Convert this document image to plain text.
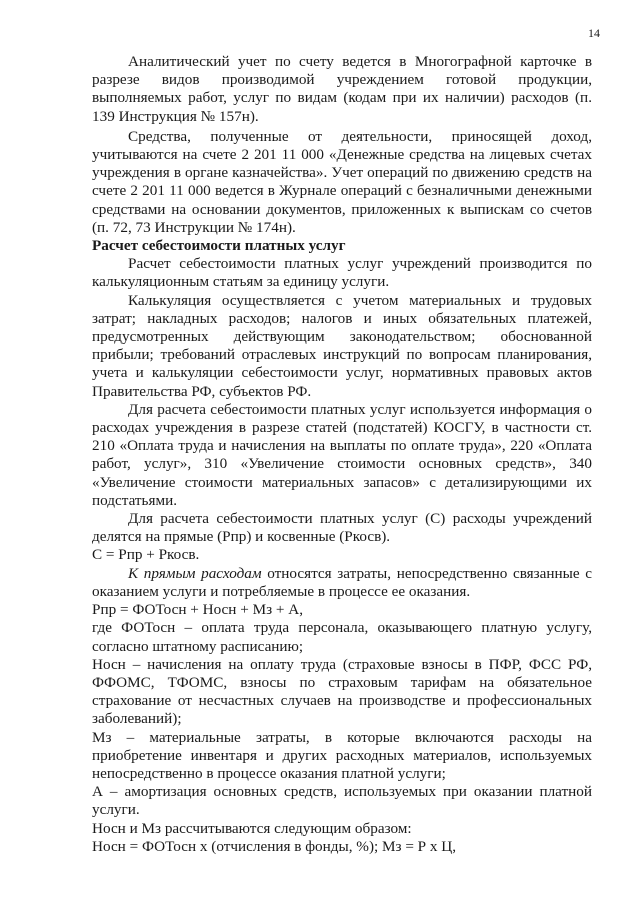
14

Аналитический учет по счету ведется в Многографной карточке в разрезе видов производимой учреждением готовой продукции, выполняемых работ, услуг по видам (кодам при их наличии) расходов (п. 139 Инструкция № 157н).

Средства, полученные от деятельности, приносящей доход, учитываются на счете 2 201 11 000 «Денежные средства на лицевых счетах учреждения в органе казначейства». Учет операций по движению средств на счете 2 201 11 000 ведется в Журнале операций с безналичными денежными средствами на основании документов, приложенных к выпискам со счетов (п. 72, 73 Инструкции № 174н).

Расчет себестоимости платных услуг

Расчет себестоимости платных услуг учреждений производится по калькуляционным статьям за единицу услуги.

Калькуляция осуществляется с учетом материальных и трудовых затрат; накладных расходов; налогов и иных обязательных платежей, предусмотренных действующим законодательством; обоснованной прибыли; требований отраслевых инструкций по вопросам планирования, учета и калькуляции себестоимости услуг, нормативных правовых актов Правительства РФ, субъектов РФ.

Для расчета себестоимости платных услуг используется информация о расходах учреждения в разрезе статей (подстатей) КОСГУ, в частности ст. 210 «Оплата труда и начисления на выплаты по оплате труда», 220 «Оплата работ, услуг», 310 «Увеличение стоимости основных средств», 340 «Увеличение стоимости материальных запасов» с детализирующими их подстатьями.

Для расчета себестоимости платных услуг (С) расходы учреждений делятся на прямые (Рпр) и косвенные (Ркосв).

С = Рпр + Ркосв.

К прямым расходам относятся затраты, непосредственно связанные с оказанием услуги и потребляемые в процессе ее оказания.

Рпр = ФОТосн + Носн + Мз + А,

где ФОТосн – оплата труда персонала, оказывающего платную услугу, согласно штатному расписанию;

Носн – начисления на оплату труда (страховые взносы в ПФР, ФСС РФ, ФФОМС, ТФОМС, взносы по страховым тарифам на обязательное страхование от несчастных случаев на производстве и профессиональных заболеваний);

Мз – материальные затраты, в которые включаются расходы на приобретение инвентаря и других расходных материалов, используемых непосредственно в процессе оказания платной услуги;

А – амортизация основных средств, используемых при оказании платной услуги.

Носн и Мз рассчитываются следующим образом:

Носн = ФОТосн х (отчисления в фонды, %); Мз = Р х Ц,
